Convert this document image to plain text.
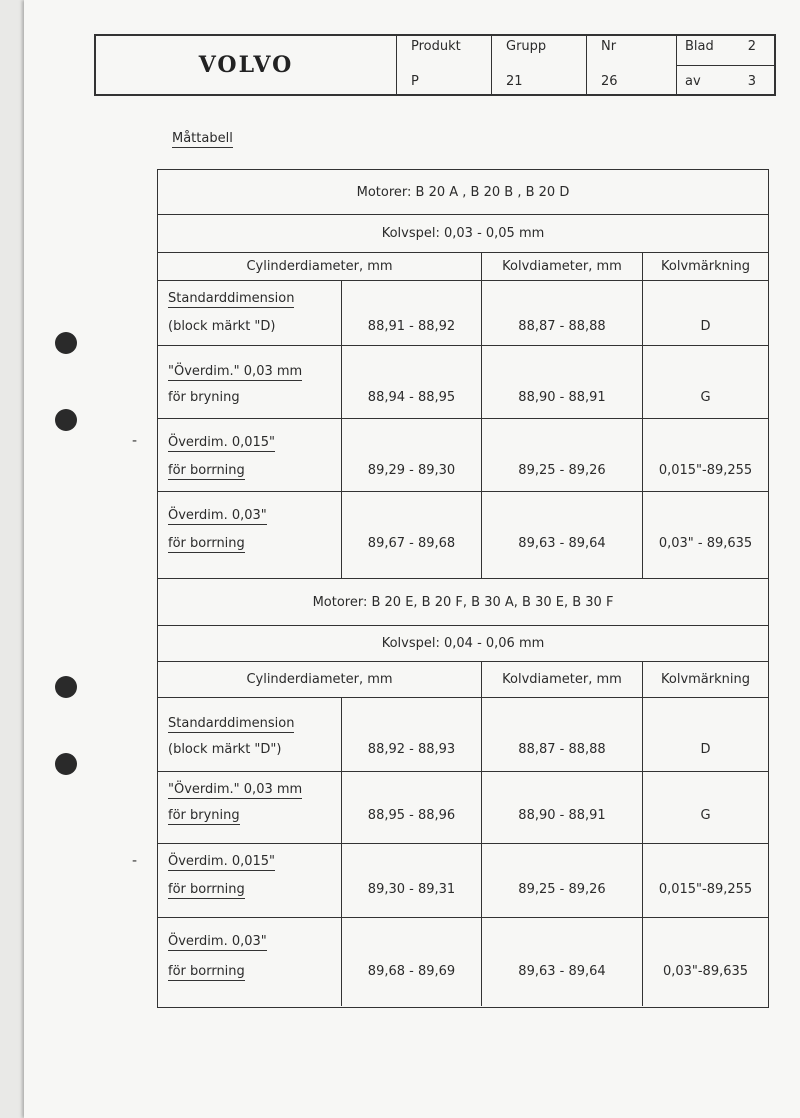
-
-
VOLVO
Produkt
P
Grupp
21
Nr
26
Blad	2
av	3
Måttabell
Motorer: B 20 A , B 20 B , B 20 D
Kolvspel: 0,03 - 0,05 mm
Cylinderdiameter, mm	Kolvdiameter, mm	Kolvmärkning
Standarddimension
(block märkt "D)	88,91 - 88,92	88,87 - 88,88	D
"Överdim." 0,03 mm
för bryning	88,94 - 88,95	88,90 - 88,91	G
Överdim. 0,015"
för borrning	89,29 - 89,30	89,25 - 89,26	0,015"-89,255
Överdim. 0,03"
för borrning	89,67 - 89,68	89,63 - 89,64	0,03" - 89,635
Motorer: B 20 E, B 20 F, B 30 A, B 30 E, B 30 F
Kolvspel: 0,04 - 0,06 mm
Cylinderdiameter, mm	Kolvdiameter, mm	Kolvmärkning
Standarddimension
(block märkt "D")	88,92 - 88,93	88,87 - 88,88	D
"Överdim." 0,03 mm
för bryning	88,95 - 88,96	88,90 - 88,91	G
Överdim. 0,015"
för borrning	89,30 - 89,31	89,25 - 89,26	0,015"-89,255
Överdim. 0,03"
för borrning	89,68 - 89,69	89,63 - 89,64	0,03"-89,635
